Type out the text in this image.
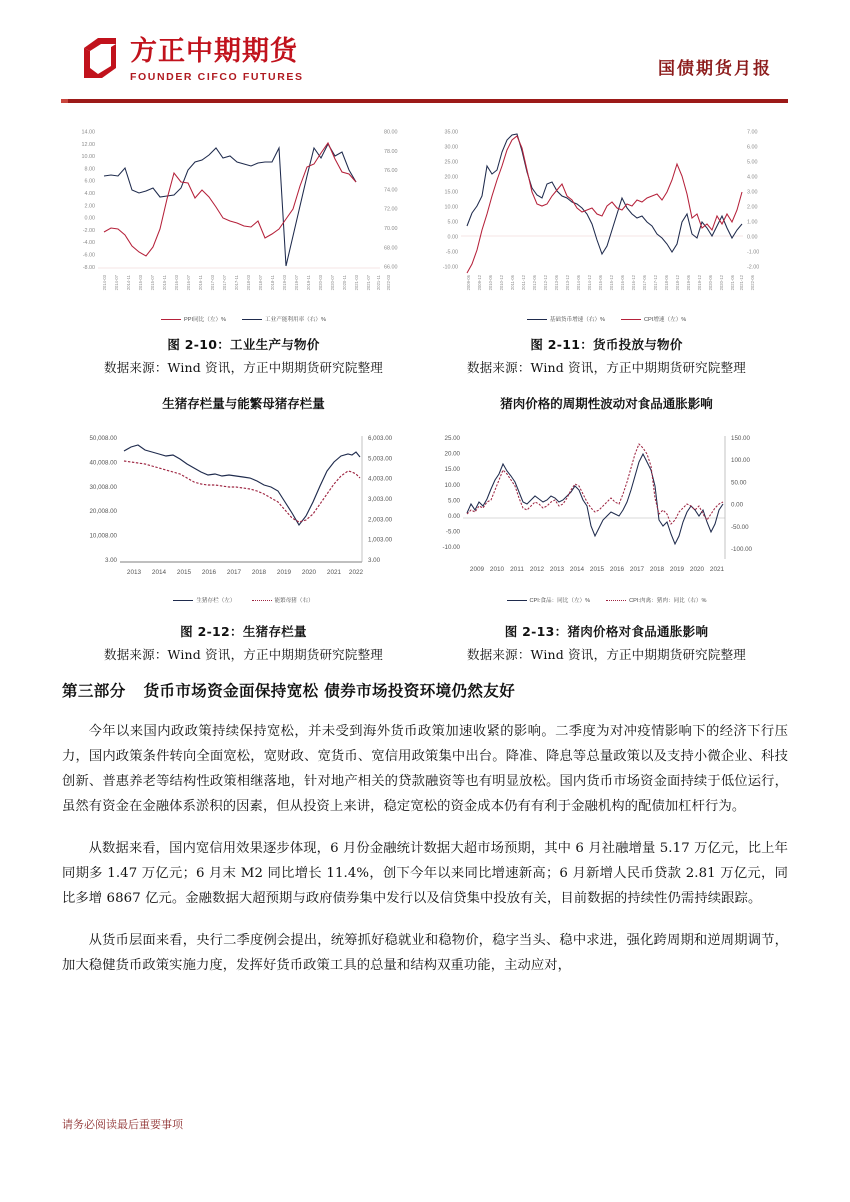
方正中期期货
FOUNDER CIFCO FUTURES	国债期货月报
14.00
12.00
10.00
8.00
6.00
4.00
2.00
0.00
-2.00
-4.00
-6.00
-8.00
80.00
78.00
76.00
74.00
72.00
70.00
68.00
66.00
2014-03 2014-07 2014-11 2015-03 2015-07 2015-11 2016-03 2016-07 2016-11 2017-03 2017-07 2017-11 2018-03 2018-07 2018-11 2019-03 2019-07 2019-11 2020-03 2020-07 2020-11 2021-03 2021-07 2021-11 2022-03
PPI同比（左）%	工业产能利用率（右）%
图 2-10：工业生产与物价
数据来源：Wind 资讯，方正中期期货研究院整理
35.00
30.00
25.00
20.00
15.00
10.00
5.00
0.00
-5.00
-10.00
7.00
6.00
5.00
4.00
3.00
2.00
1.00
0.00
-1.00
-2.00
2009-06 2009-12 2010-06 2010-12 2011-06 2011-12 2012-06 2012-12 2013-06 2013-12 2014-06 2014-12 2015-06 2015-12 2016-06 2016-12 2017-06 2017-12 2018-06 2018-12 2019-06 2019-12 2020-06 2020-12 2021-06 2021-12 2022-06
基础货币增速（右）%	CPI增速（左）%
图 2-11：货币投放与物价
数据来源：Wind 资讯，方正中期期货研究院整理
生猪存栏量与能繁母猪存栏量
50,008.00
40,008.00
30,008.00
20,008.00
10,008.00
3.00
6,003.00
5,003.00
4,003.00
3,003.00
2,003.00
1,003.00
3.00
2013 2014 2015 2016 2017 2018 2019 2020 2021 2022
生猪存栏（左）	能繁母猪（右）
图 2-12：生猪存栏量
数据来源：Wind 资讯，方正中期期货研究院整理
猪肉价格的周期性波动对食品通胀影响
25.00
20.00
15.00
10.00
5.00
0.00
-5.00
-10.00
150.00
100.00
50.00
0.00
-50.00
-100.00
2009 2010 2011 2012 2013 2014 2015 2016 2017 2018 2019 2020 2021
CPI:食品：同比（左）%	CPI:肉禽：猪肉：同比（右）%
图 2-13：猪肉价格对食品通胀影响
数据来源：Wind 资讯，方正中期期货研究院整理
第三部分 货币市场资金面保持宽松 债券市场投资环境仍然友好

今年以来国内政政策持续保持宽松，并未受到海外货币政策加速收紧的影响。二季度为对冲疫情影响下的经济下行压力，国内政策条件转向全面宽松，宽财政、宽货币、宽信用政策集中出台。降准、降息等总量政策以及支持小微企业、科技创新、普惠养老等结构性政策相继落地，针对地产相关的贷款融资等也有明显放松。国内货币市场资金面持续于低位运行，虽然有资金在金融体系淤积的因素，但从投资上来讲，稳定宽松的资金成本仍有有利于金融机构的配债加杠杆行为。

从数据来看，国内宽信用效果逐步体现，6 月份金融统计数据大超市场预期，其中 6 月社融增量 5.17 万亿元，比上年同期多 1.47 万亿元；6 月末 M2 同比增长 11.4%，创下今年以来同比增速新高；6 月新增人民币贷款 2.81 万亿元，同比多增 6867 亿元。金融数据大超预期与政府债券集中发行以及信贷集中投放有关，目前数据的持续性仍需持续跟踪。

从货币层面来看，央行二季度例会提出，统筹抓好稳就业和稳物价，稳字当头、稳中求进，强化跨周期和逆周期调节，加大稳健货币政策实施力度，发挥好货币政策工具的总量和结构双重功能，主动应对，

请务必阅读最后重要事项
